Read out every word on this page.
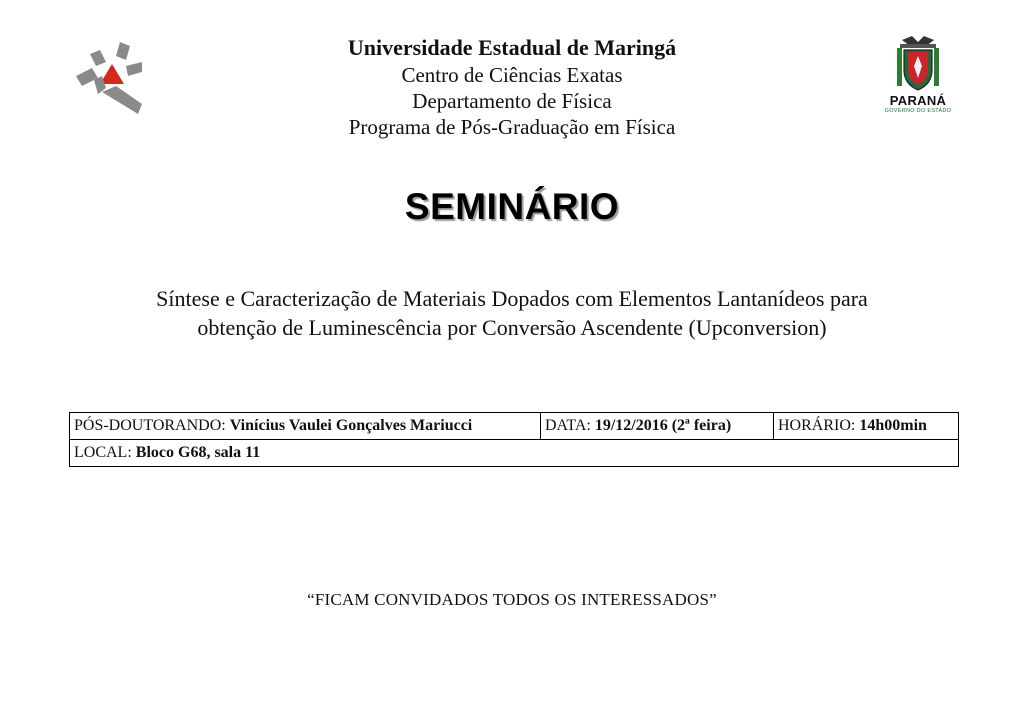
PARANÁ
GOVERNO DO ESTADO
Universidade Estadual de Maringá
Centro de Ciências Exatas
Departamento de Física
Programa de Pós-Graduação em Física
SEMINÁRIO
Síntese e Caracterização de Materiais Dopados com Elementos Lantanídeos para
obtenção de Luminescência por Conversão Ascendente (Upconversion)
PÓS-DOUTORANDO: Vinícius Vaulei Gonçalves Mariucci	DATA: 19/12/2016 (2ª feira)	HORÁRIO: 14h00min
LOCAL: Bloco G68, sala 11
“FICAM CONVIDADOS TODOS OS INTERESSADOS”
